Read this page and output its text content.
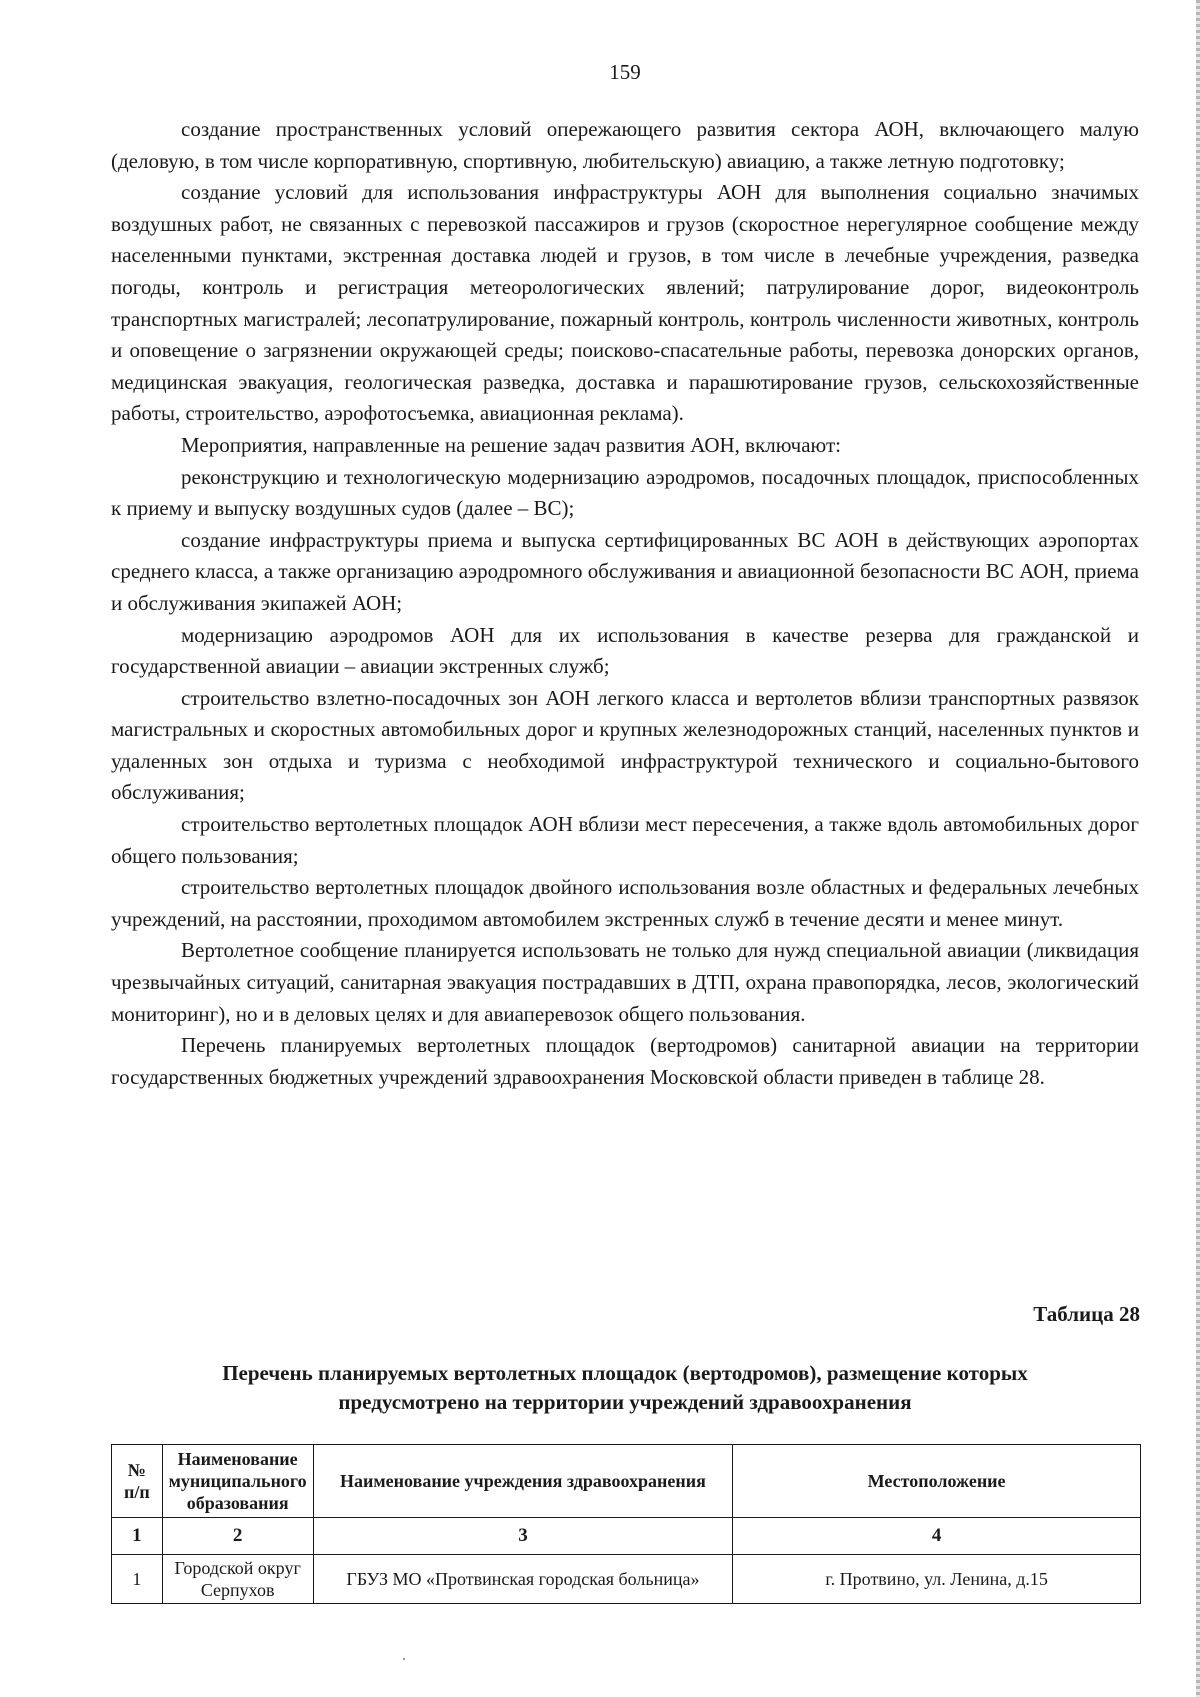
159

создание пространственных условий опережающего развития сектора АОН, включающего малую (деловую, в том числе корпоративную, спортивную, любительскую) авиацию, а также летную подготовку;

создание условий для использования инфраструктуры АОН для выполнения социально значимых воздушных работ, не связанных с перевозкой пассажиров и грузов (скоростное нерегулярное сообщение между населенными пунктами, экстренная доставка людей и грузов, в том числе в лечебные учреждения, разведка погоды, контроль и регистрация метеорологических явлений; патрулирование дорог, видеоконтроль транспортных магистралей; лесопатрулирование, пожарный контроль, контроль численности животных, контроль и оповещение о загрязнении окружающей среды; поисково-спасательные работы, перевозка донорских органов, медицинская эвакуация, геологическая разведка, доставка и парашютирование грузов, сельскохозяйственные работы, строительство, аэрофотосъемка, авиационная реклама).

Мероприятия, направленные на решение задач развития АОН, включают:

реконструкцию и технологическую модернизацию аэродромов, посадочных площадок, приспособленных к приему и выпуску воздушных судов (далее – ВС);

создание инфраструктуры приема и выпуска сертифицированных ВС АОН в действующих аэропортах среднего класса, а также организацию аэродромного обслуживания и авиационной безопасности ВС АОН, приема и обслуживания экипажей АОН;

модернизацию аэродромов АОН для их использования в качестве резерва для гражданской и государственной авиации – авиации экстренных служб;

строительство взлетно-посадочных зон АОН легкого класса и вертолетов вблизи транспортных развязок магистральных и скоростных автомобильных дорог и крупных железнодорожных станций, населенных пунктов и удаленных зон отдыха и туризма с необходимой инфраструктурой технического и социально-бытового обслуживания;

строительство вертолетных площадок АОН вблизи мест пересечения, а также вдоль автомобильных дорог общего пользования;

строительство вертолетных площадок двойного использования возле областных и федеральных лечебных учреждений, на расстоянии, проходимом автомобилем экстренных служб в течение десяти и менее минут.

Вертолетное сообщение планируется использовать не только для нужд специальной авиации (ликвидация чрезвычайных ситуаций, санитарная эвакуация пострадавших в ДТП, охрана правопорядка, лесов, экологический мониторинг), но и в деловых целях и для авиаперевозок общего пользования.

Перечень планируемых вертолетных площадок (вертодромов) санитарной авиации на территории государственных бюджетных учреждений здравоохранения Московской области приведен в таблице 28.

Таблица 28
Перечень планируемых вертолетных площадок (вертодромов), размещение которых
предусмотрено на территории учреждений здравоохранения
№ п/п	Наименование муниципального образования	Наименование учреждения здравоохранения	Местоположение
1	2	3	4
1	Городской округ Серпухов	ГБУЗ МО «Протвинская городская больница»	г. Протвино, ул. Ленина, д.15
